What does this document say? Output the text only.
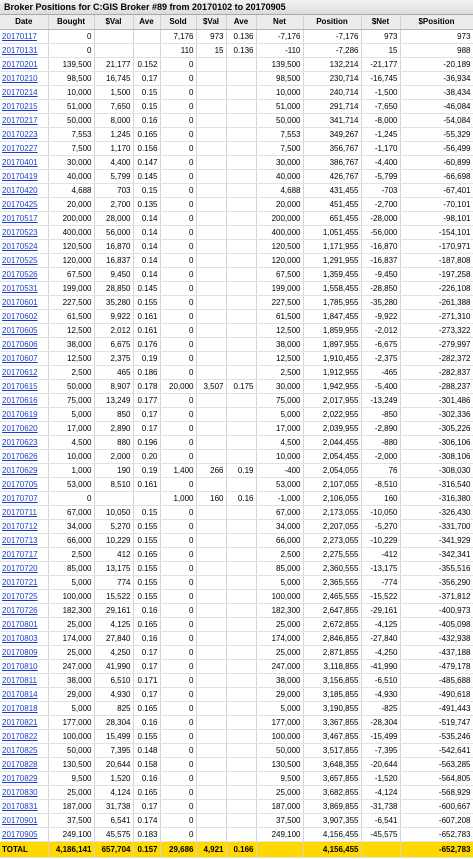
Broker Positions for C:GIS Broker #89 from 20170102 to 20170905
Date	Bought	$Val	Ave	Sold	$Val	Ave	Net	Position	$Net	$Position
20170117	0			7,176	973	0.136	-7,176	-7,176	973	973
20170131	0			110	15	0.136	-110	-7,286	15	988
20170201	139,500	21,177	0.152	0			139,500	132,214	-21,177	-20,189
20170210	98,500	16,745	0.17	0			98,500	230,714	-16,745	-36,934
20170214	10,000	1,500	0.15	0			10,000	240,714	-1,500	-38,434
20170215	51,000	7,650	0.15	0			51,000	291,714	-7,650	-46,084
20170217	50,000	8,000	0.16	0			50,000	341,714	-8,000	-54,084
20170223	7,553	1,245	0.165	0			7,553	349,267	-1,245	-55,329
20170227	7,500	1,170	0.156	0			7,500	356,767	-1,170	-56,499
20170401	30,000	4,400	0.147	0			30,000	386,767	-4,400	-60,899
20170419	40,000	5,799	0.145	0			40,000	426,767	-5,799	-66,698
20170420	4,688	703	0.15	0			4,688	431,455	-703	-67,401
20170425	20,000	2,700	0.135	0			20,000	451,455	-2,700	-70,101
20170517	200,000	28,000	0.14	0			200,000	651,455	-28,000	-98,101
20170523	400,000	56,000	0.14	0			400,000	1,051,455	-56,000	-154,101
20170524	120,500	16,870	0.14	0			120,500	1,171,955	-16,870	-170,971
20170525	120,000	16,837	0.14	0			120,000	1,291,955	-16,837	-187,808
20170526	67,500	9,450	0.14	0			67,500	1,359,455	-9,450	-197,258
20170531	199,000	28,850	0.145	0			199,000	1,558,455	-28,850	-226,108
20170601	227,500	35,280	0.155	0			227,500	1,785,955	-35,280	-261,388
20170602	61,500	9,922	0.161	0			61,500	1,847,455	-9,922	-271,310
20170605	12,500	2,012	0.161	0			12,500	1,859,955	-2,012	-273,322
20170606	38,000	6,675	0.176	0			38,000	1,897,955	-6,675	-279,997
20170607	12,500	2,375	0.19	0			12,500	1,910,455	-2,375	-282,372
20170612	2,500	465	0.186	0			2,500	1,912,955	-465	-282,837
20170615	50,000	8,907	0.178	20,000	3,507	0.175	30,000	1,942,955	-5,400	-288,237
20170616	75,000	13,249	0.177	0			75,000	2,017,955	-13,249	-301,486
20170619	5,000	850	0.17	0			5,000	2,022,955	-850	-302,336
20170620	17,000	2,890	0.17	0			17,000	2,039,955	-2,890	-305,226
20170623	4,500	880	0.196	0			4,500	2,044,455	-880	-306,106
20170626	10,000	2,000	0.20	0			10,000	2,054,455	-2,000	-308,106
20170629	1,000	190	0.19	1,400	266	0.19	-400	2,054,055	76	-308,030
20170705	53,000	8,510	0.161	0			53,000	2,107,055	-8,510	-316,540
20170707	0			1,000	160	0.16	-1,000	2,106,055	160	-316,380
20170711	67,000	10,050	0.15	0			67,000	2,173,055	-10,050	-326,430
20170712	34,000	5,270	0.155	0			34,000	2,207,055	-5,270	-331,700
20170713	66,000	10,229	0.155	0			66,000	2,273,055	-10,229	-341,929
20170717	2,500	412	0.165	0			2,500	2,275,555	-412	-342,341
20170720	85,000	13,175	0.155	0			85,000	2,360,555	-13,175	-355,516
20170721	5,000	774	0.155	0			5,000	2,365,555	-774	-356,290
20170725	100,000	15,522	0.155	0			100,000	2,465,555	-15,522	-371,812
20170726	182,300	29,161	0.16	0			182,300	2,647,855	-29,161	-400,973
20170801	25,000	4,125	0.165	0			25,000	2,672,855	-4,125	-405,098
20170803	174,000	27,840	0.16	0			174,000	2,846,855	-27,840	-432,938
20170809	25,000	4,250	0.17	0			25,000	2,871,855	-4,250	-437,188
20170810	247,000	41,990	0.17	0			247,000	3,118,855	-41,990	-479,178
20170811	38,000	6,510	0.171	0			38,000	3,156,855	-6,510	-485,688
20170814	29,000	4,930	0.17	0			29,000	3,185,855	-4,930	-490,618
20170818	5,000	825	0.165	0			5,000	3,190,855	-825	-491,443
20170821	177,000	28,304	0.16	0			177,000	3,367,855	-28,304	-519,747
20170822	100,000	15,499	0.155	0			100,000	3,467,855	-15,499	-535,246
20170825	50,000	7,395	0.148	0			50,000	3,517,855	-7,395	-542,641
20170828	130,500	20,644	0.158	0			130,500	3,648,355	-20,644	-563,285
20170829	9,500	1,520	0.16	0			9,500	3,657,855	-1,520	-564,805
20170830	25,000	4,124	0.165	0			25,000	3,682,855	-4,124	-568,929
20170831	187,000	31,738	0.17	0			187,000	3,869,855	-31,738	-600,667
20170901	37,500	6,541	0.174	0			37,500	3,907,355	-6,541	-607,208
20170905	249,100	45,575	0.183	0			249,100	4,156,455	-45,575	-652,783
TOTAL	4,186,141	657,704	0.157	29,686	4,921	0.166		4,156,455		-652,783
